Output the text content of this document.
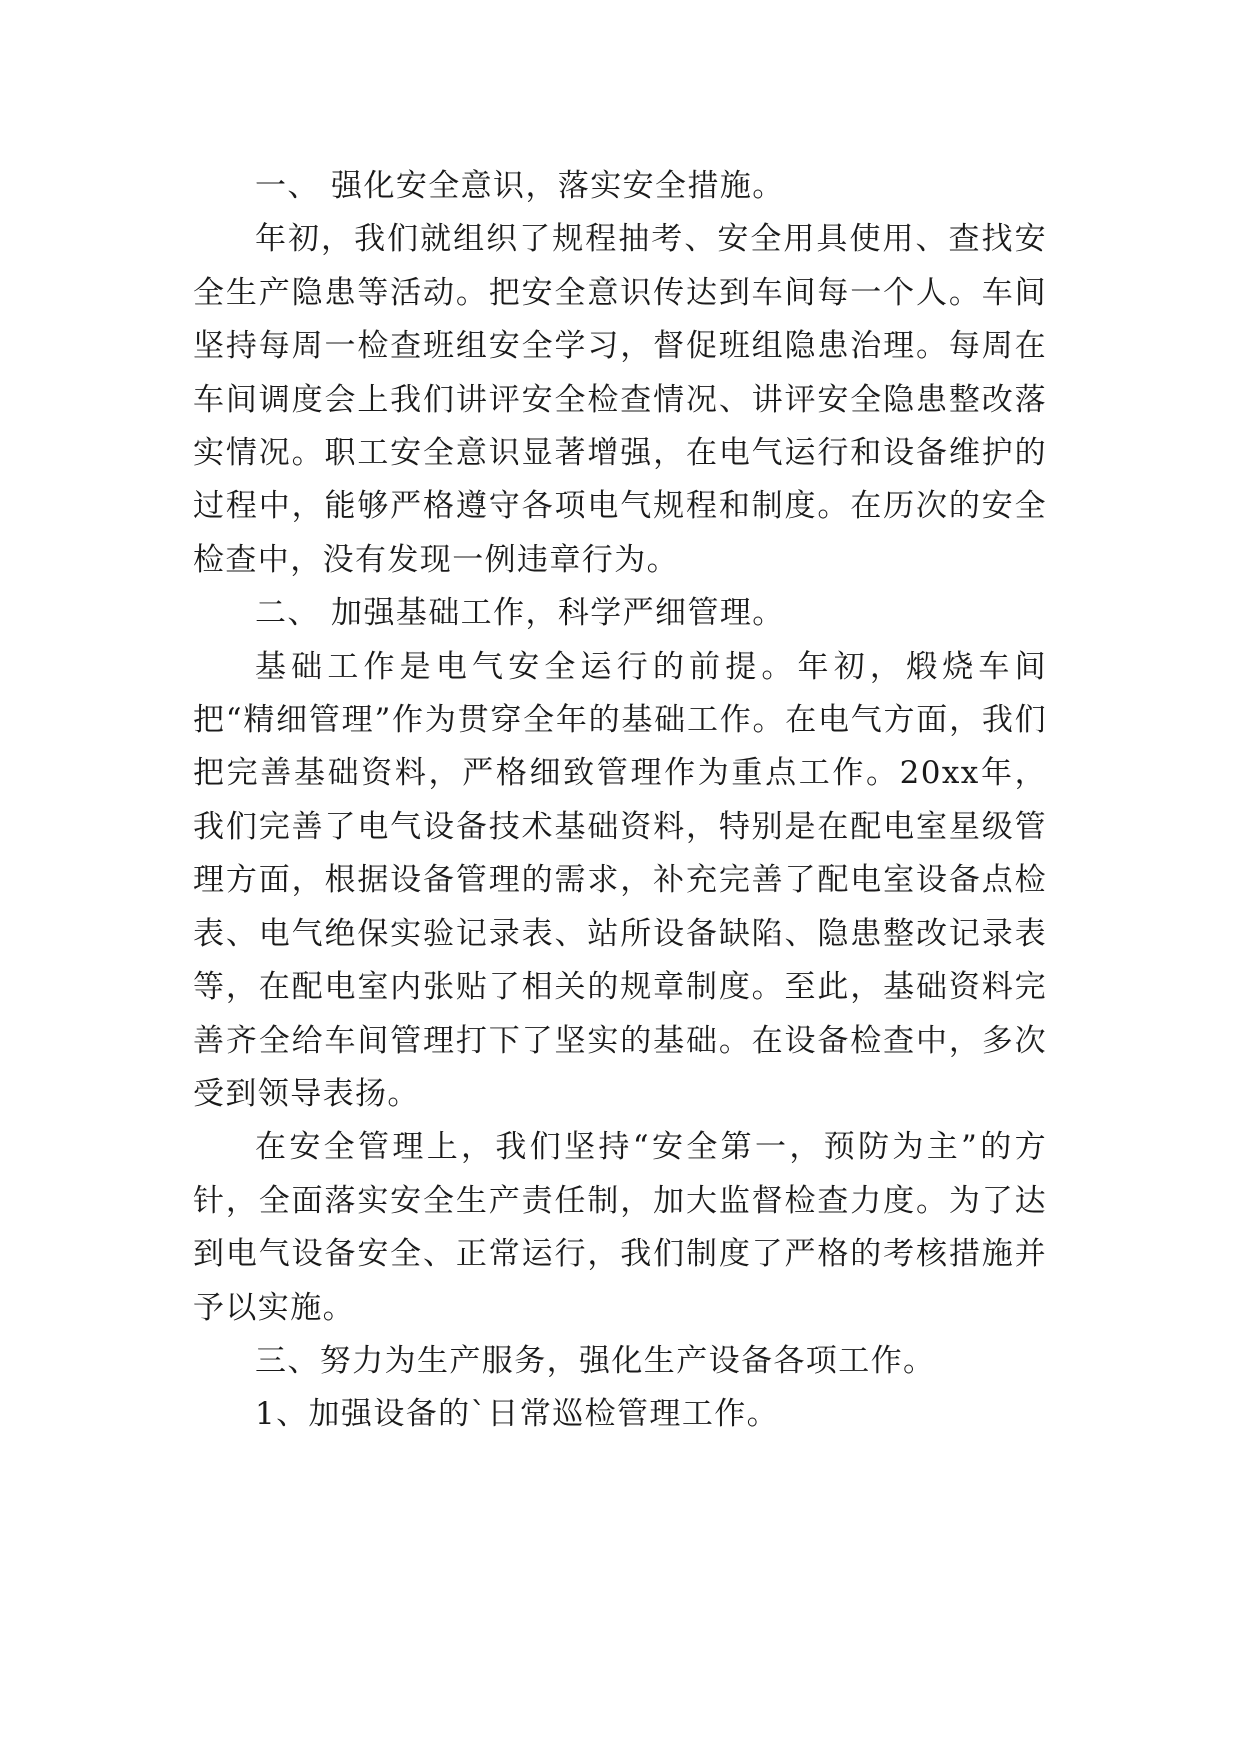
一、 强化安全意识，落实安全措施。

年初，我们就组织了规程抽考、安全用具使用、查找安全生产隐患等活动。把安全意识传达到车间每一个人。车间坚持每周一检查班组安全学习，督促班组隐患治理。每周在车间调度会上我们讲评安全检查情况、讲评安全隐患整改落实情况。职工安全意识显著增强，在电气运行和设备维护的过程中，能够严格遵守各项电气规程和制度。在历次的安全检查中，没有发现一例违章行为。

二、 加强基础工作，科学严细管理。

基础工作是电气安全运行的前提。年初，煅烧车间把“精细管理”作为贯穿全年的基础工作。在电气方面，我们把完善基础资料，严格细致管理作为重点工作。20xx年，我们完善了电气设备技术基础资料，特别是在配电室星级管理方面，根据设备管理的需求，补充完善了配电室设备点检表、电气绝保实验记录表、站所设备缺陷、隐患整改记录表等，在配电室内张贴了相关的规章制度。至此，基础资料完善齐全给车间管理打下了坚实的基础。在设备检查中，多次受到领导表扬。

在安全管理上，我们坚持“安全第一，预防为主”的方针，全面落实安全生产责任制，加大监督检查力度。为了达到电气设备安全、正常运行，我们制度了严格的考核措施并予以实施。

三、努力为生产服务，强化生产设备各项工作。

1、加强设备的`日常巡检管理工作。
